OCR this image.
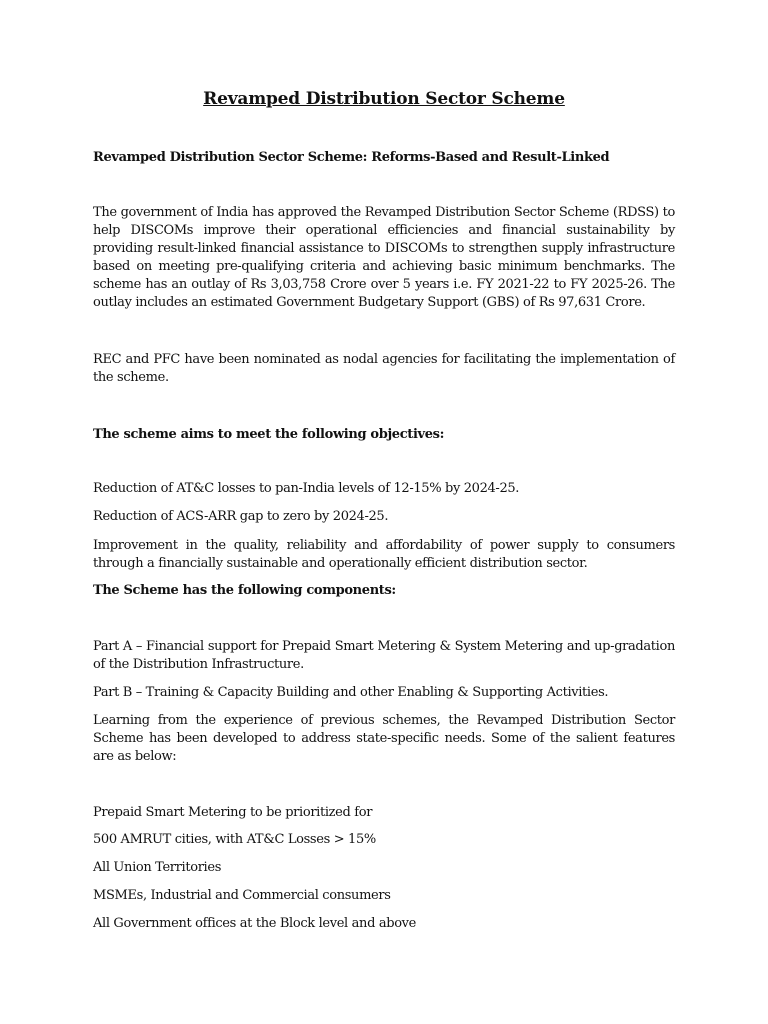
Revamped Distribution Sector Scheme

Revamped Distribution Sector Scheme: Reforms-Based and Result-Linked

The government of India has approved the Revamped Distribution Sector Scheme (RDSS) to help DISCOMs improve their operational efficiencies and financial sustainability by providing result-linked financial assistance to DISCOMs to strengthen supply infrastructure based on meeting pre-qualifying criteria and achieving basic minimum benchmarks. The scheme has an outlay of Rs 3,03,758 Crore over 5 years i.e. FY 2021-22 to FY 2025-26. The outlay includes an estimated Government Budgetary Support (GBS) of Rs 97,631 Crore.

REC and PFC have been nominated as nodal agencies for facilitating the implementation of the scheme.

The scheme aims to meet the following objectives:

Reduction of AT&C losses to pan-India levels of 12-15% by 2024-25.

Reduction of ACS-ARR gap to zero by 2024-25.

Improvement in the quality, reliability and affordability of power supply to consumers through a financially sustainable and operationally efficient distribution sector.

The Scheme has the following components:

Part A – Financial support for Prepaid Smart Metering & System Metering and up-gradation of the Distribution Infrastructure.

Part B – Training & Capacity Building and other Enabling & Supporting Activities.

Learning from the experience of previous schemes, the Revamped Distribution Sector Scheme has been developed to address state-specific needs. Some of the salient features are as below:

Prepaid Smart Metering to be prioritized for

500 AMRUT cities, with AT&C Losses > 15%

All Union Territories

MSMEs, Industrial and Commercial consumers

All Government offices at the Block level and above
